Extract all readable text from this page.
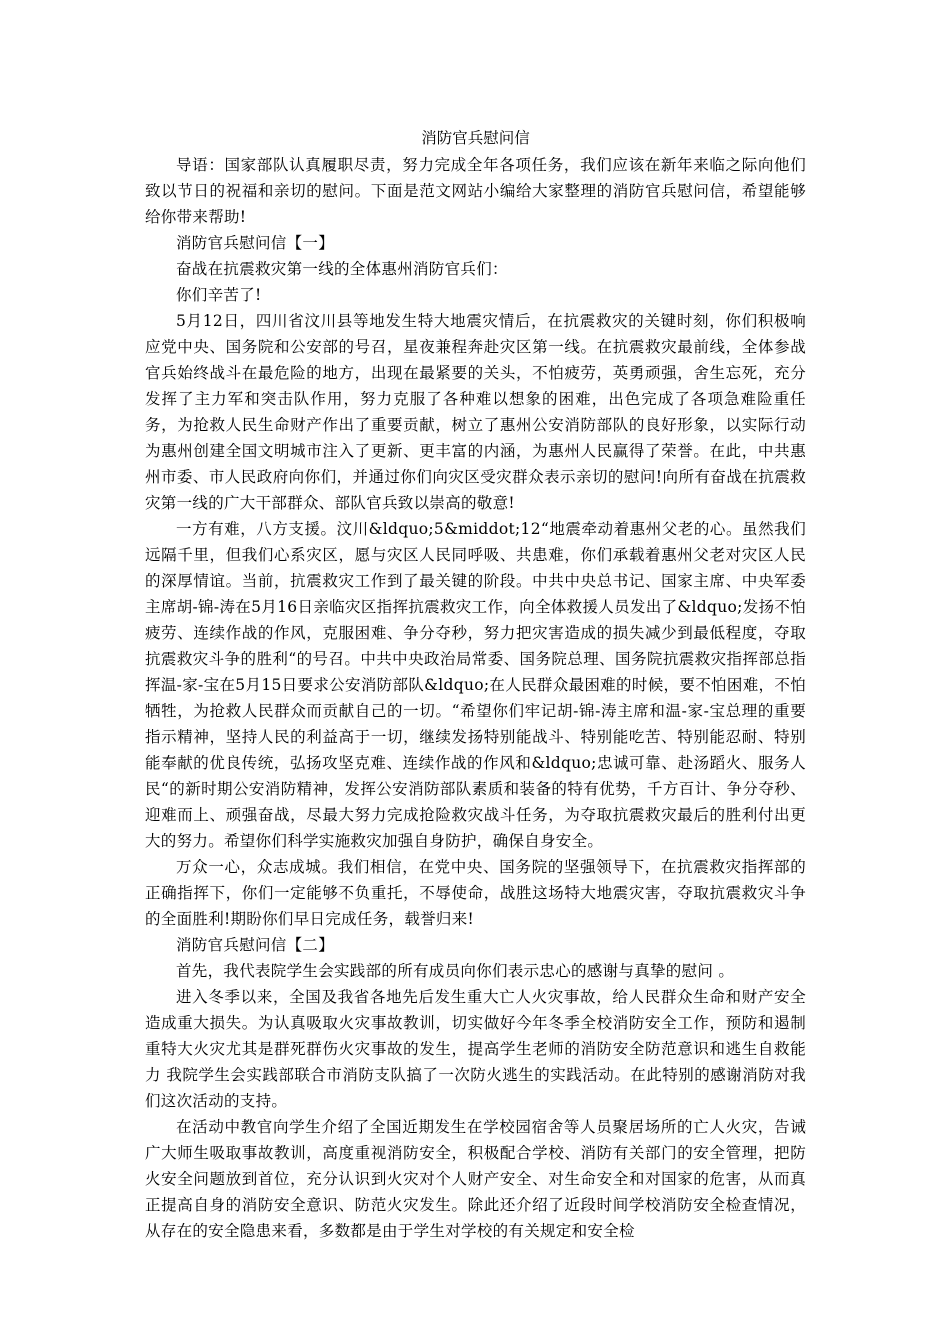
消防官兵慰问信

导语：国家部队认真履职尽责，努力完成全年各项任务，我们应该在新年来临之际向他们致以节日的祝福和亲切的慰问。下面是范文网站小编给大家整理的消防官兵慰问信，希望能够给你带来帮助!

消防官兵慰问信【一】

奋战在抗震救灾第一线的全体惠州消防官兵们：

你们辛苦了!

5月12日，四川省汶川县等地发生特大地震灾情后，在抗震救灾的关键时刻，你们积极响应党中央、国务院和公安部的号召，星夜兼程奔赴灾区第一线。在抗震救灾最前线，全体参战官兵始终战斗在最危险的地方，出现在最紧要的关头，不怕疲劳，英勇顽强，舍生忘死，充分发挥了主力军和突击队作用，努力克服了各种难以想象的困难，出色完成了各项急难险重任务，为抢救人民生命财产作出了重要贡献，树立了惠州公安消防部队的良好形象，以实际行动为惠州创建全国文明城市注入了更新、更丰富的内涵，为惠州人民赢得了荣誉。在此，中共惠州市委、市人民政府向你们，并通过你们向灾区受灾群众表示亲切的慰问!向所有奋战在抗震救灾第一线的广大干部群众、部队官兵致以崇高的敬意!

一方有难，八方支援。汶川&ldquo;5&middot;12“地震牵动着惠州父老的心。虽然我们远隔千里，但我们心系灾区，愿与灾区人民同呼吸、共患难，你们承载着惠州父老对灾区人民的深厚情谊。当前，抗震救灾工作到了最关键的阶段。中共中央总书记、国家主席、中央军委主席胡-锦-涛在5月16日亲临灾区指挥抗震救灾工作，向全体救援人员发出了&ldquo;发扬不怕疲劳、连续作战的作风，克服困难、争分夺秒，努力把灾害造成的损失减少到最低程度，夺取抗震救灾斗争的胜利“的号召。中共中央政治局常委、国务院总理、国务院抗震救灾指挥部总指挥温-家-宝在5月15日要求公安消防部队&ldquo;在人民群众最困难的时候，要不怕困难，不怕牺牲，为抢救人民群众而贡献自己的一切。“希望你们牢记胡-锦-涛主席和温-家-宝总理的重要指示精神，坚持人民的利益高于一切，继续发扬特别能战斗、特别能吃苦、特别能忍耐、特别能奉献的优良传统，弘扬攻坚克难、连续作战的作风和&ldquo;忠诚可靠、赴汤蹈火、服务人民“的新时期公安消防精神，发挥公安消防部队素质和装备的特有优势，千方百计、争分夺秒、迎难而上、顽强奋战，尽最大努力完成抢险救灾战斗任务，为夺取抗震救灾最后的胜利付出更大的努力。希望你们科学实施救灾加强自身防护，确保自身安全。

万众一心，众志成城。我们相信，在党中央、国务院的坚强领导下，在抗震救灾指挥部的正确指挥下，你们一定能够不负重托，不辱使命，战胜这场特大地震灾害，夺取抗震救灾斗争的全面胜利!期盼你们早日完成任务，载誉归来!

消防官兵慰问信【二】

首先，我代表院学生会实践部的所有成员向你们表示忠心的感谢与真挚的慰问 。

进入冬季以来，全国及我省各地先后发生重大亡人火灾事故，给人民群众生命和财产安全造成重大损失。为认真吸取火灾事故教训，切实做好今年冬季全校消防安全工作，预防和遏制重特大火灾尤其是群死群伤火灾事故的发生，提高学生老师的消防安全防范意识和逃生自救能力 我院学生会实践部联合市消防支队搞了一次防火逃生的实践活动。在此特别的感谢消防对我们这次活动的支持。

在活动中教官向学生介绍了全国近期发生在学校园宿舍等人员聚居场所的亡人火灾，告诫广大师生吸取事故教训，高度重视消防安全，积极配合学校、消防有关部门的安全管理，把防火安全问题放到首位，充分认识到火灾对个人财产安全、对生命安全和对国家的危害，从而真正提高自身的消防安全意识、防范火灾发生。除此还介绍了近段时间学校消防安全检查情况，从存在的安全隐患来看，多数都是由于学生对学校的有关规定和安全检
